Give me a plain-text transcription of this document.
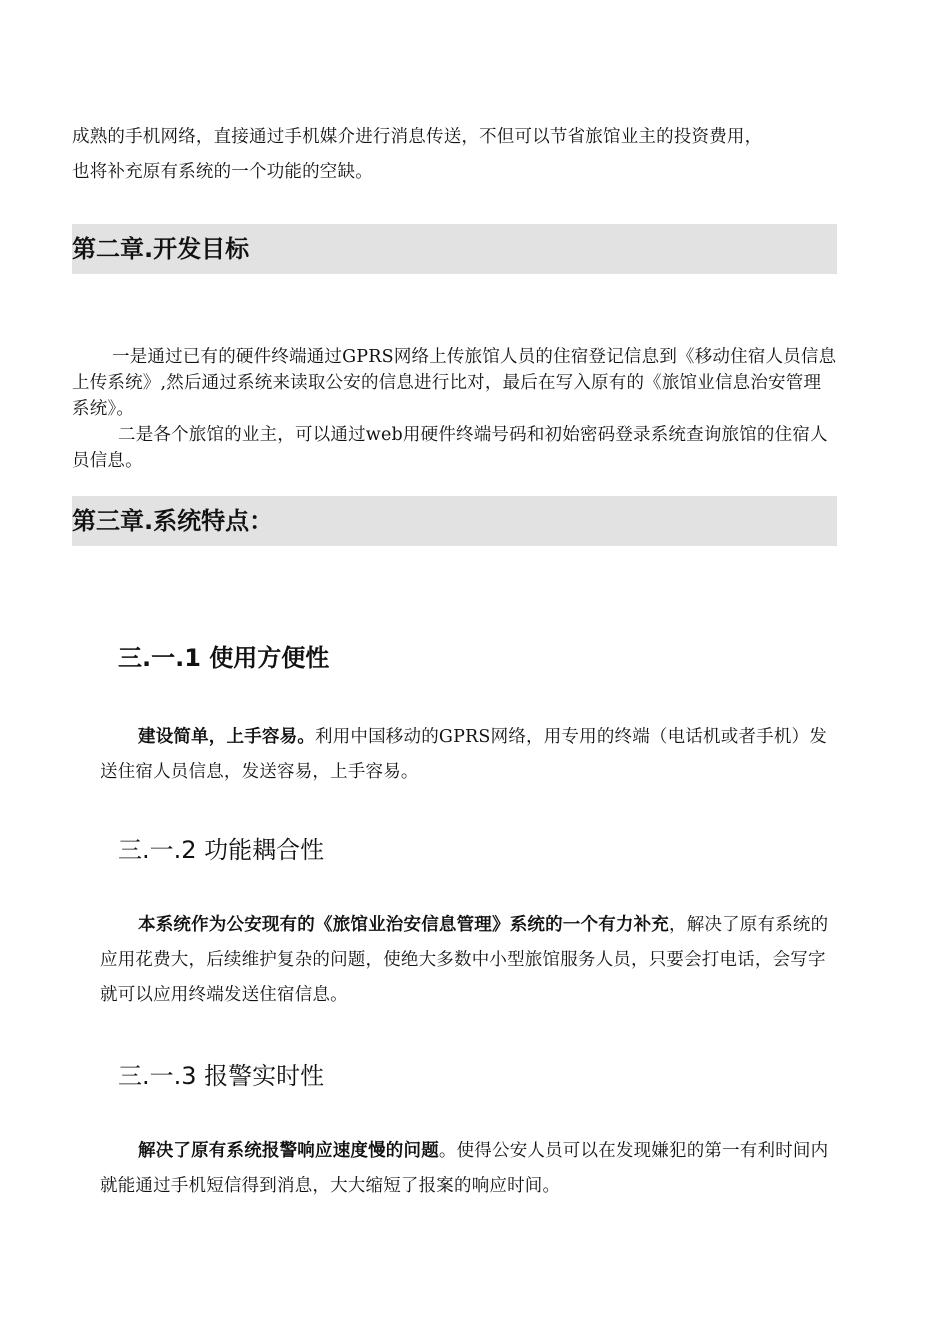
成熟的手机网络，直接通过手机媒介进行消息传送，不但可以节省旅馆业主的投资费用，

也将补充原有系统的一个功能的空缺。

第二章.开发目标

一是通过已有的硬件终端通过GPRS网络上传旅馆人员的住宿登记信息到《移动住宿人员信息上传系统》,然后通过系统来读取公安的信息进行比对，最后在写入原有的《旅馆业信息治安管理系统》。

二是各个旅馆的业主，可以通过web用硬件终端号码和初始密码登录系统查询旅馆的住宿人员信息。

第三章.系统特点：
三.一.1 使用方便性

建设简单，上手容易。利用中国移动的GPRS网络，用专用的终端（电话机或者手机）发送住宿人员信息，发送容易，上手容易。

三.一.2 功能耦合性

本系统作为公安现有的《旅馆业治安信息管理》系统的一个有力补充，解决了原有系统的应用花费大，后续维护复杂的问题，使绝大多数中小型旅馆服务人员，只要会打电话，会写字就可以应用终端发送住宿信息。

三.一.3 报警实时性

解决了原有系统报警响应速度慢的问题。使得公安人员可以在发现嫌犯的第一有利时间内就能通过手机短信得到消息，大大缩短了报案的响应时间。
